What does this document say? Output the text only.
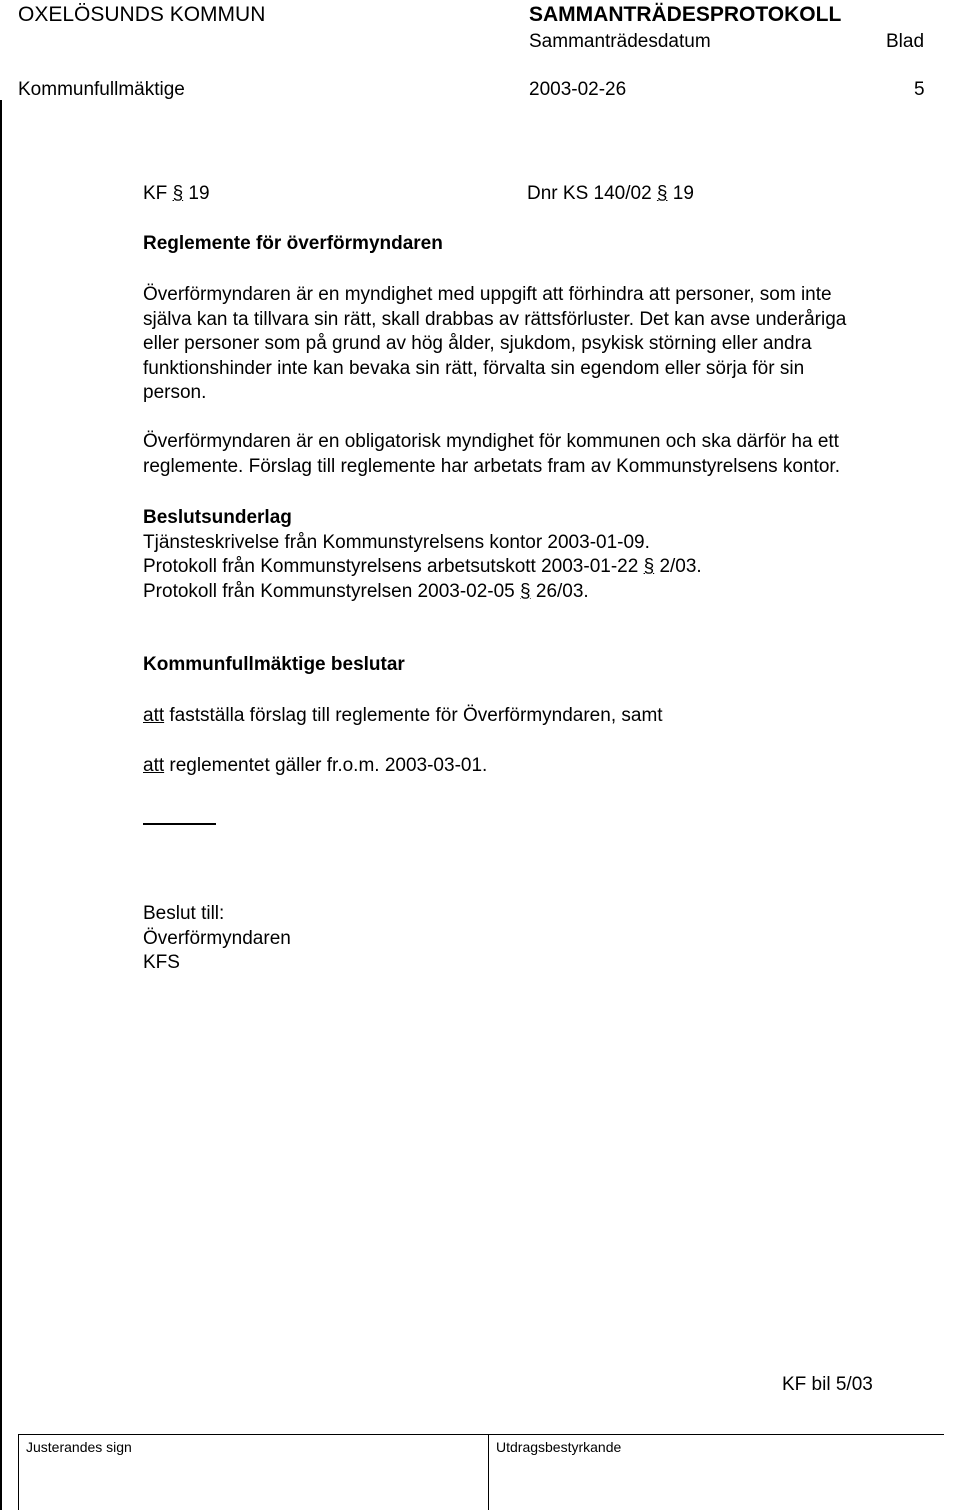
OXELÖSUNDS KOMMUN	SAMMANTRÄDESPROTOKOLL
Sammanträdesdatum	Blad
Kommunfullmäktige	2003-02-26	5
KF § 19	Dnr KS 140/02 § 19
Reglemente för överförmyndaren
Överförmyndaren är en myndighet med uppgift att förhindra att personer, som inte
själva kan ta tillvara sin rätt, skall drabbas av rättsförluster. Det kan avse underåriga
eller personer som på grund av hög ålder, sjukdom, psykisk störning eller andra
funktionshinder inte kan bevaka sin rätt, förvalta sin egendom eller sörja för sin
person.
Överförmyndaren är en obligatorisk myndighet för kommunen och ska därför ha ett
reglemente. Förslag till reglemente har arbetats fram av Kommunstyrelsens kontor.
Beslutsunderlag
Tjänsteskrivelse från Kommunstyrelsens kontor 2003-01-09.
Protokoll från Kommunstyrelsens arbetsutskott 2003-01-22 § 2/03.
Protokoll från Kommunstyrelsen 2003-02-05 § 26/03.
Kommunfullmäktige beslutar
att fastställa förslag till reglemente för Överförmyndaren, samt
att reglementet gäller fr.o.m. 2003-03-01.
Beslut till:
Överförmyndaren
KFS
KF bil 5/03
Justerandes sign	Utdragsbestyrkande
